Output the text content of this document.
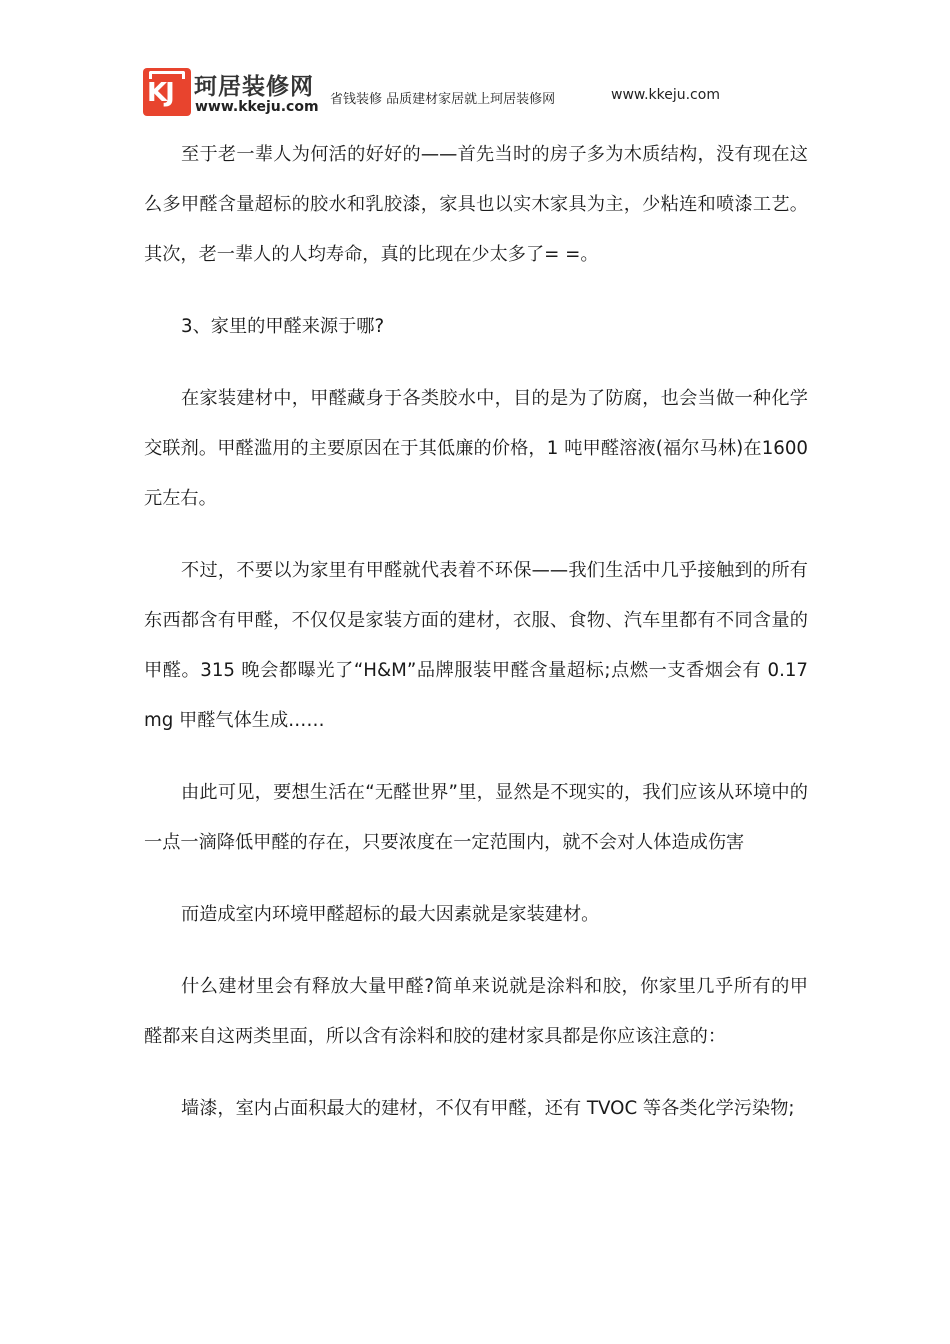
KJ 珂居装修网
www.kkeju.com 省钱装修 品质建材家居就上珂居装修网	www.kkeju.com

至于老一辈人为何活的好好的——首先当时的房子多为木质结构，没有现在这么多甲醛含量超标的胶水和乳胶漆，家具也以实木家具为主，少粘连和喷漆工艺。其次，老一辈人的人均寿命，真的比现在少太多了= =。

3、家里的甲醛来源于哪?

在家装建材中，甲醛藏身于各类胶水中，目的是为了防腐，也会当做一种化学交联剂。甲醛滥用的主要原因在于其低廉的价格，1 吨甲醛溶液(福尔马林)在1600 元左右。

不过，不要以为家里有甲醛就代表着不环保——我们生活中几乎接触到的所有东西都含有甲醛，不仅仅是家装方面的建材，衣服、食物、汽车里都有不同含量的甲醛。315 晚会都曝光了“H&M”品牌服装甲醛含量超标;点燃一支香烟会有 0.17mg 甲醛气体生成……

由此可见，要想生活在“无醛世界”里，显然是不现实的，我们应该从环境中的一点一滴降低甲醛的存在，只要浓度在一定范围内，就不会对人体造成伤害

而造成室内环境甲醛超标的最大因素就是家装建材。

什么建材里会有释放大量甲醛?简单来说就是涂料和胶，你家里几乎所有的甲醛都来自这两类里面，所以含有涂料和胶的建材家具都是你应该注意的：

墙漆，室内占面积最大的建材，不仅有甲醛，还有 TVOC 等各类化学污染物;
